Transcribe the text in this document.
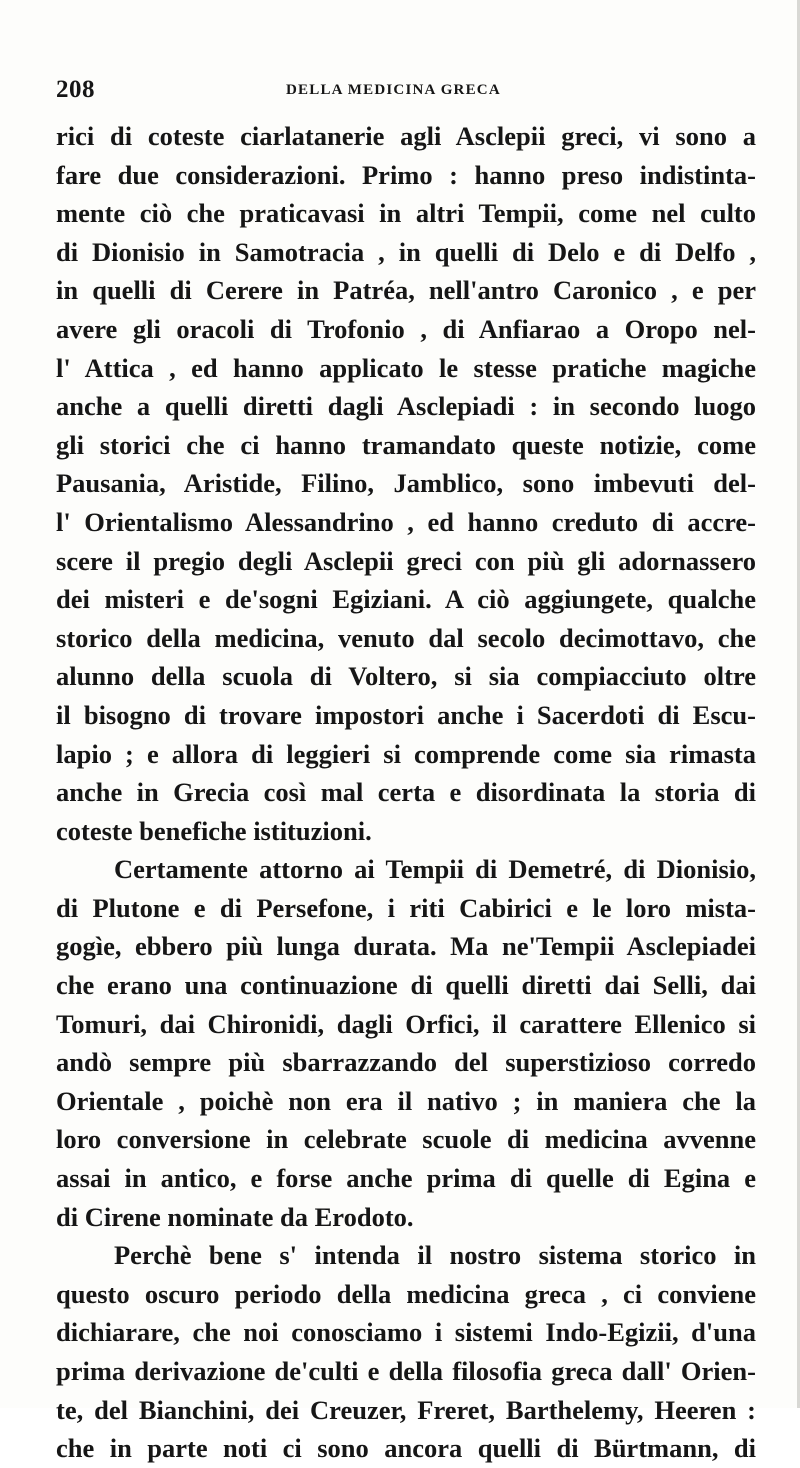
208	DELLA MEDICINA GRECA
rici di coteste ciarlatanerie agli Asclepii greci, vi sono a
fare due considerazioni. Primo : hanno preso indistinta-
mente ciò che praticavasi in altri Tempii, come nel culto
di Dionisio in Samotracia , in quelli di Delo e di Delfo ,
in quelli di Cerere in Patréa, nell'antro Caronico , e per
avere gli oracoli di Trofonio , di Anfiarao a Oropo nel-
l' Attica , ed hanno applicato le stesse pratiche magiche
anche a quelli diretti dagli Asclepiadi : in secondo luogo
gli storici che ci hanno tramandato queste notizie, come
Pausania, Aristide, Filino, Jamblico, sono imbevuti del-
l' Orientalismo Alessandrino , ed hanno creduto di accre-
scere il pregio degli Asclepii greci con più gli adornassero
dei misteri e de'sogni Egiziani. A ciò aggiungete, qualche
storico della medicina, venuto dal secolo decimottavo, che
alunno della scuola di Voltero, si sia compiacciuto oltre
il bisogno di trovare impostori anche i Sacerdoti di Escu-
lapio ; e allora di leggieri si comprende come sia rimasta
anche in Grecia così mal certa e disordinata la storia di
coteste benefiche istituzioni.
Certamente attorno ai Tempii di Demetré, di Dionisio,
di Plutone e di Persefone, i riti Cabirici e le loro mista-
gogìe, ebbero più lunga durata. Ma ne'Tempii Asclepiadei
che erano una continuazione di quelli diretti dai Selli, dai
Tomuri, dai Chironidi, dagli Orfici, il carattere Ellenico si
andò sempre più sbarrazzando del superstizioso corredo
Orientale , poichè non era il nativo ; in maniera che la
loro conversione in celebrate scuole di medicina avvenne
assai in antico, e forse anche prima di quelle di Egina e
di Cirene nominate da Erodoto.
Perchè bene s' intenda il nostro sistema storico in
questo oscuro periodo della medicina greca , ci conviene
dichiarare, che noi conosciamo i sistemi Indo-Egizii, d'una
prima derivazione de'culti e della filosofia greca dall' Orien-
te, del Bianchini, dei Creuzer, Freret, Barthelemy, Heeren :
che in parte noti ci sono ancora quelli di Bürtmann, di
